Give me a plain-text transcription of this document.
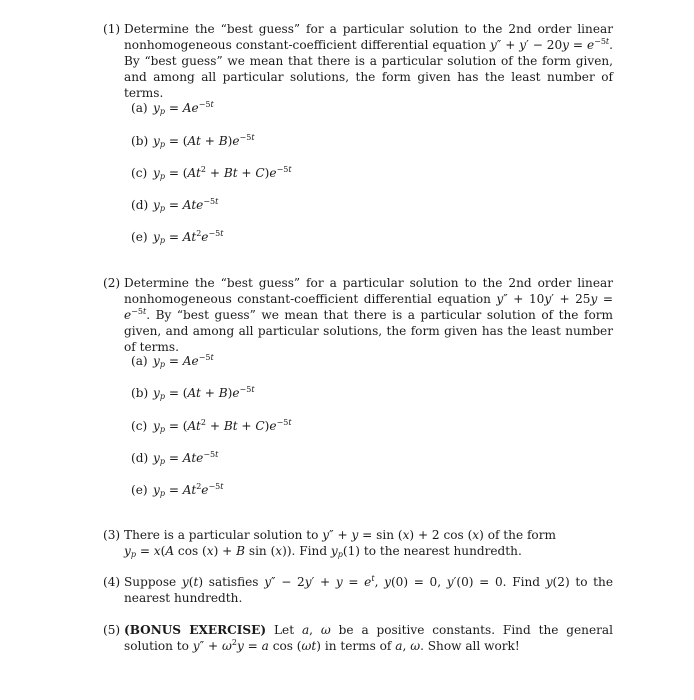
(1) Determine the “best guess” for a particular solution to the 2nd order linear nonhomogeneous constant-coefficient differential equation $y'' + y' - 20y = e^{-5t}$. By “best guess” we mean that there is a particular solution of the form given, and among all particular solutions, the form given has the least number of terms.
(a) $y_p = Ae^{-5t}$
(b) $y_p = (At + B)e^{-5t}$
(c) $y_p = (At^2 + Bt + C)e^{-5t}$
(d) $y_p = Ate^{-5t}$
(e) $y_p = At^2e^{-5t}$
(2) Determine the “best guess” for a particular solution to the 2nd order linear nonhomogeneous constant-coefficient differential equation $y'' + 10y' + 25y = e^{-5t}$. By “best guess” we mean that there is a particular solution of the form given, and among all particular solutions, the form given has the least number of terms.
(a) $y_p = Ae^{-5t}$
(b) $y_p = (At + B)e^{-5t}$
(c) $y_p = (At^2 + Bt + C)e^{-5t}$
(d) $y_p = Ate^{-5t}$
(e) $y_p = At^2e^{-5t}$
(3) There is a particular solution to y″ + y = sin (x) + 2 cos (x) of the form
$y_p = x(A$ cos (x) + B sin (x)). Find $y_p(1)$ to the nearest hundredth.
(4) Suppose y(t) satisfies $y'' - 2y' + y = e^t$, y(0) = 0, y′(0) = 0. Find y(2) to the nearest hundredth.
(5) (BONUS EXERCISE) Let a, ω be a positive constants. Find the general solution to $y'' + \omega^2y = a$ cos (ωt) in terms of a, ω. Show all work!
